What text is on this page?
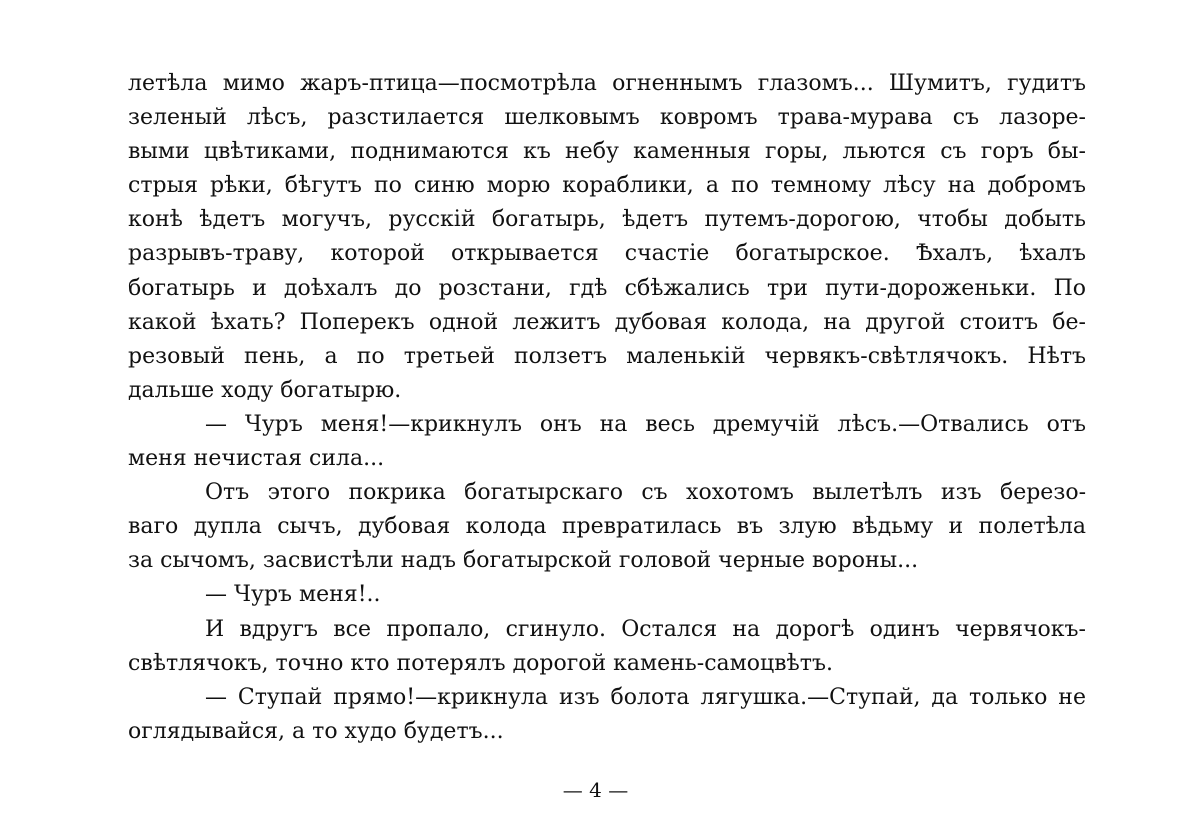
летѣла мимо жаръ-птица—посмотрѣла огненнымъ глазомъ... Шумитъ, гудитъ
зеленый лѣсъ, разстилается шелковымъ ковромъ трава-мурава съ лазоре-
выми цвѣтиками, поднимаются къ небу каменныя горы, льются съ горъ бы-
стрыя рѣки, бѣгутъ по синю морю кораблики, а по темному лѣсу на добромъ
конѣ ѣдетъ могучъ, русскій богатырь, ѣдетъ путемъ-дорогою, чтобы добыть
разрывъ-траву, которой открывается счастіе богатырское. Ѣхалъ, ѣхалъ
богатырь и доѣхалъ до розстани, гдѣ сбѣжались три пути-дороженьки. По
какой ѣхать? Поперекъ одной лежитъ дубовая колода, на другой стоитъ бе-
резовый пень, а по третьей ползетъ маленькій червякъ-свѣтлячокъ. Нѣтъ
дальше ходу богатырю.
— Чуръ меня!—крикнулъ онъ на весь дремучій лѣсъ.—Отвались отъ
меня нечистая сила...
Отъ этого покрика богатырскаго съ хохотомъ вылетѣлъ изъ березо-
ваго дупла сычъ, дубовая колода превратилась въ злую вѣдьму и полетѣла
за сычомъ, засвистѣли надъ богатырской головой черные вороны...
— Чуръ меня!..
И вдругъ все пропало, сгинуло. Остался на дорогѣ одинъ червячокъ-
свѣтлячокъ, точно кто потерялъ дорогой камень-самоцвѣтъ.
— Ступай прямо!—крикнула изъ болота лягушка.—Ступай, да только не
оглядывайся, а то худо будетъ...
— 4 —
